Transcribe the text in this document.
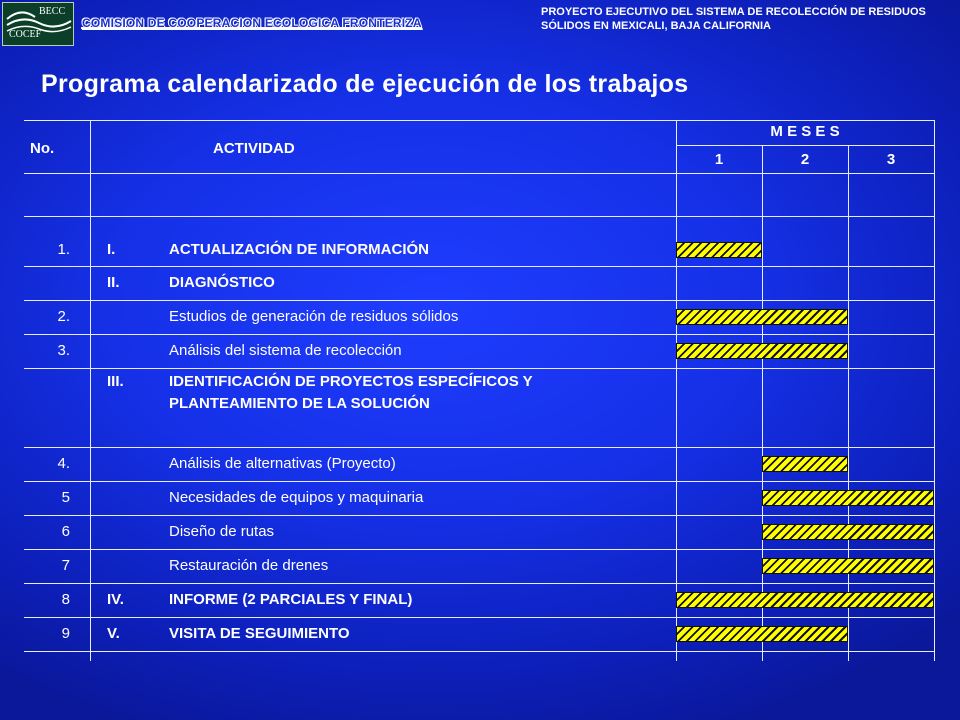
BECC
COCEF
COMISION DE COOPERACION ECOLOGICA FRONTERIZA
PROYECTO EJECUTIVO DEL SISTEMA DE RECOLECCIÓN DE RESIDUOS SÓLIDOS EN MEXICALI, BAJA CALIFORNIA
Programa calendarizado de ejecución de los trabajos
No.	ACTIVIDAD
M E S E S
1	2	3
1. I.	ACTUALIZACIÓN DE INFORMACIÓN
II.	DIAGNÓSTICO
2.	Estudios de generación de residuos sólidos
3.	Análisis del sistema de recolección
III.	IDENTIFICACIÓN DE PROYECTOS ESPECÍFICOS Y PLANTEAMIENTO DE LA SOLUCIÓN
4.	Análisis de alternativas (Proyecto)
5	Necesidades de equipos y maquinaria
6	Diseño de rutas
7	Restauración de drenes
8 IV.	INFORME (2 PARCIALES Y FINAL)
9 V.	VISITA DE SEGUIMIENTO
